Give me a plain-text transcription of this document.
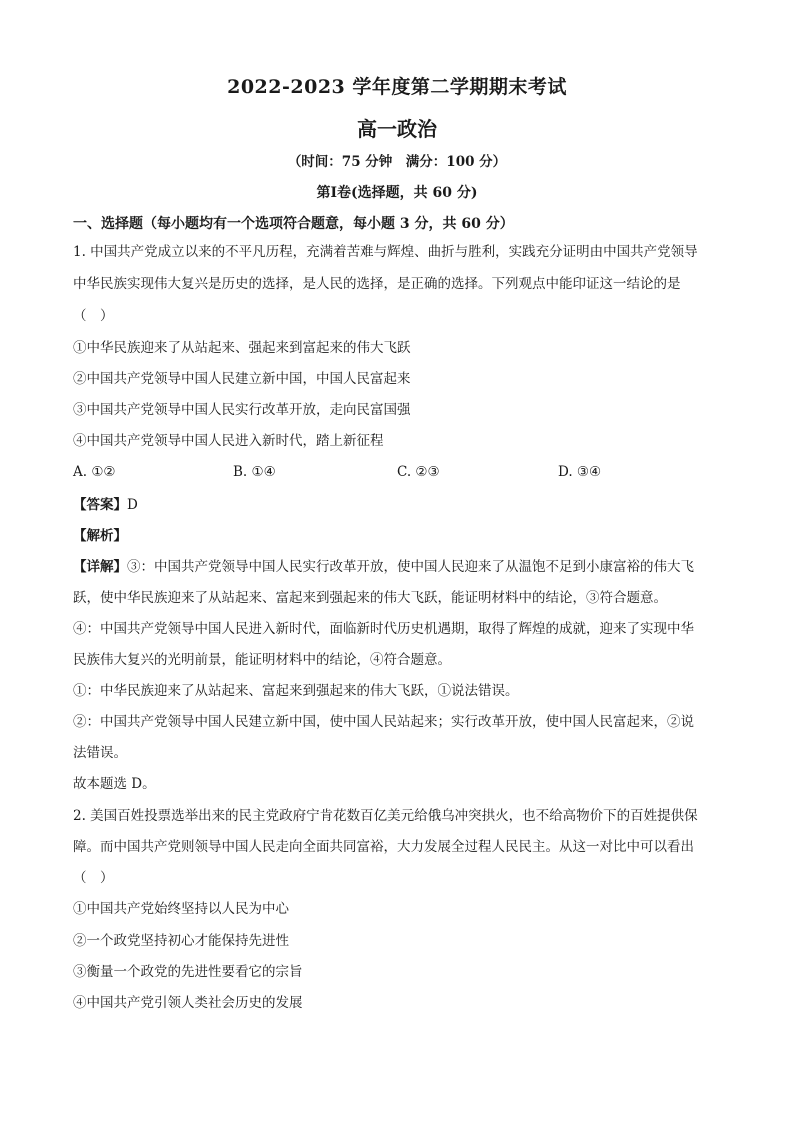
2022-2023 学年度第二学期期末考试
高一政治
（时间：75 分钟　满分：100 分）
第Ⅰ卷(选择题，共 60 分)
一、选择题（每小题均有一个选项符合题意，每小题 3 分，共 60 分）
1. 中国共产党成立以来的不平凡历程，充满着苦难与辉煌、曲折与胜利，实践充分证明由中国共产党领导
中华民族实现伟大复兴是历史的选择，是人民的选择，是正确的选择。下列观点中能印证这一结论的是
（　）
①中华民族迎来了从站起来、强起来到富起来的伟大飞跃
②中国共产党领导中国人民建立新中国，中国人民富起来
③中国共产党领导中国人民实行改革开放，走向民富国强
④中国共产党领导中国人民进入新时代，踏上新征程
A. ①②	B. ①④	C. ②③	D. ③④
【答案】D
【解析】
【详解】③：中国共产党领导中国人民实行改革开放，使中国人民迎来了从温饱不足到小康富裕的伟大飞
跃，使中华民族迎来了从站起来、富起来到强起来的伟大飞跃，能证明材料中的结论，③符合题意。
④：中国共产党领导中国人民进入新时代，面临新时代历史机遇期，取得了辉煌的成就，迎来了实现中华
民族伟大复兴的光明前景，能证明材料中的结论，④符合题意。
①：中华民族迎来了从站起来、富起来到强起来的伟大飞跃，①说法错误。
②：中国共产党领导中国人民建立新中国，使中国人民站起来；实行改革开放，使中国人民富起来，②说
法错误。
故本题选 D。
2. 美国百姓投票选举出来的民主党政府宁肯花数百亿美元给俄乌冲突拱火，也不给高物价下的百姓提供保
障。而中国共产党则领导中国人民走向全面共同富裕，大力发展全过程人民民主。从这一对比中可以看出
（　）
①中国共产党始终坚持以人民为中心
②一个政党坚持初心才能保持先进性
③衡量一个政党的先进性要看它的宗旨
④中国共产党引领人类社会历史的发展
